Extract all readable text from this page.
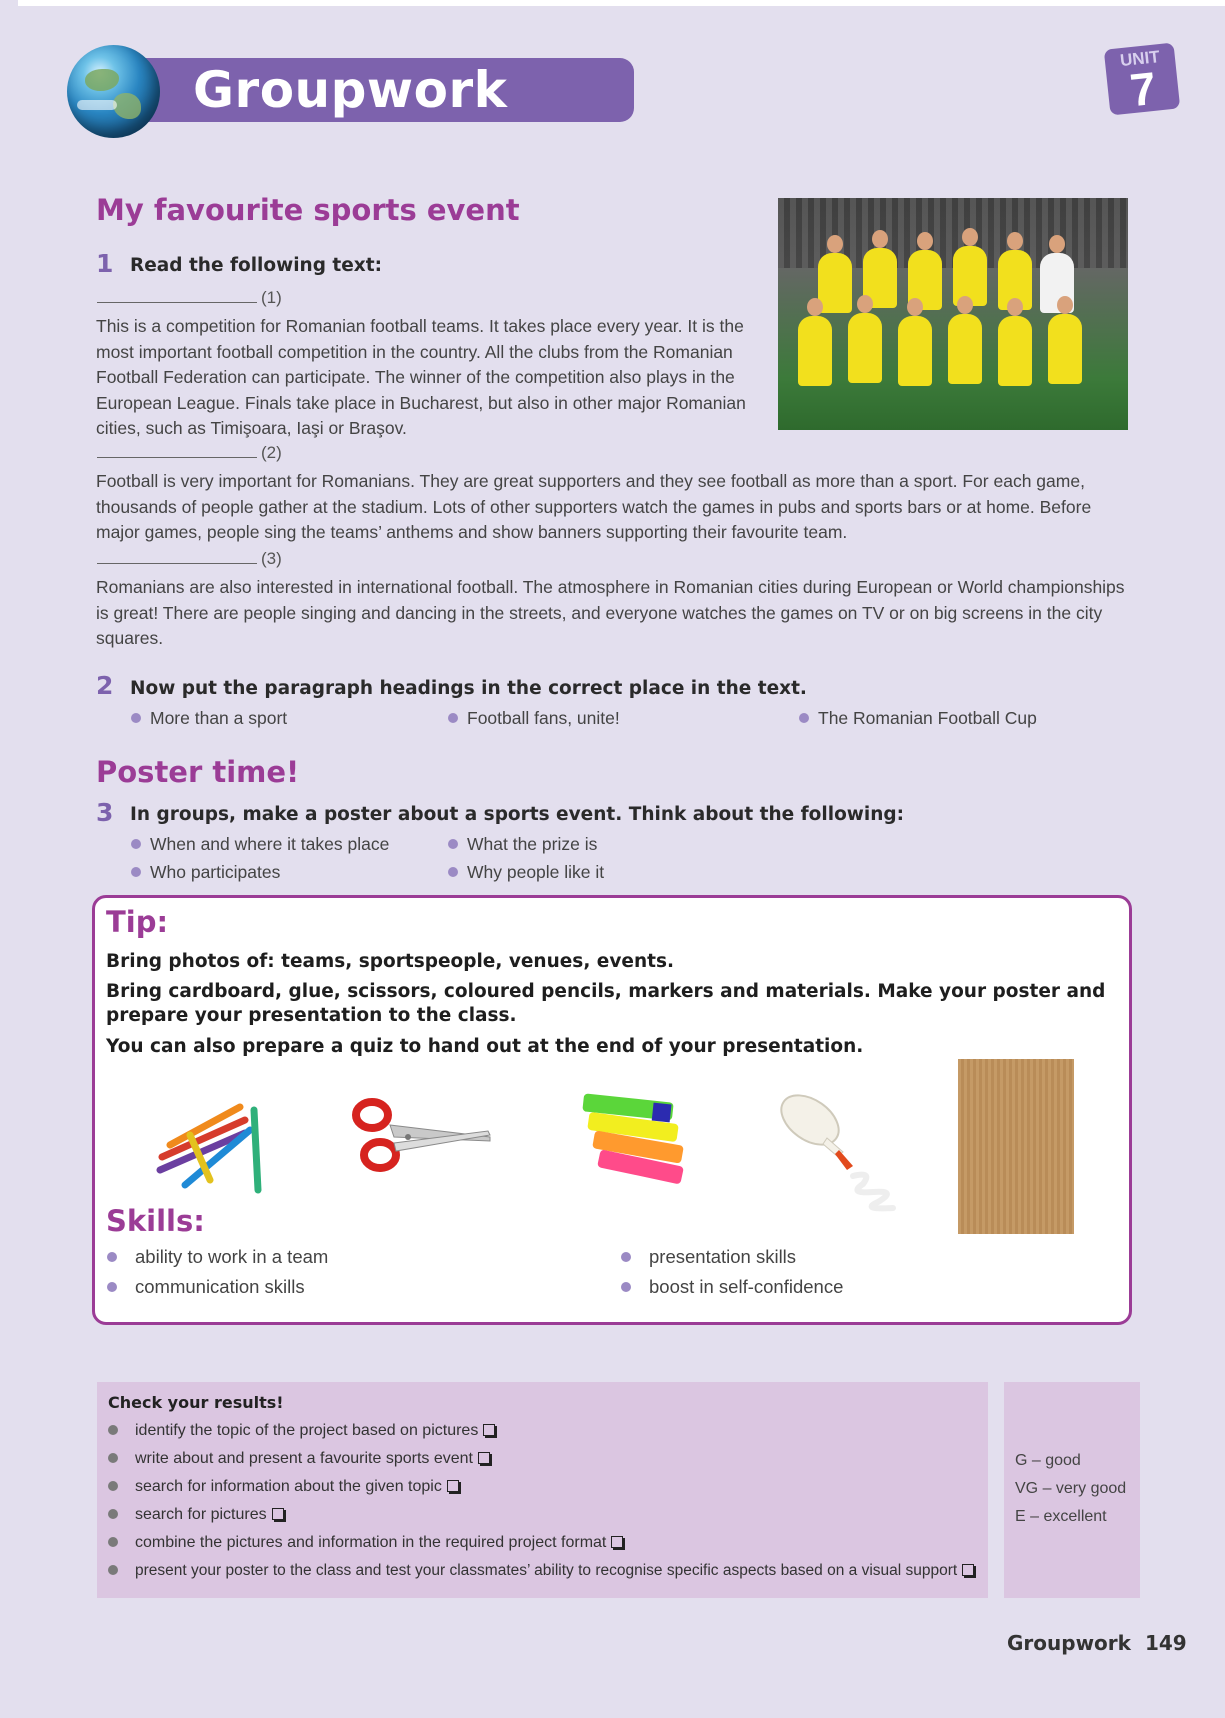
Groupwork
UNIT
7
My favourite sports event
1 Read the following text:
(1)

This is a competition for Romanian football teams. It takes place every year. It is the most important football competition in the country. All the clubs from the Romanian Football Federation can participate. The winner of the competition also plays in the European League. Finals take place in Bucharest, but also in other major Romanian cities, such as Timişoara, Iaşi or Braşov.

(2)

Football is very important for Romanians. They are great supporters and they see football as more than a sport. For each game, thousands of people gather at the stadium. Lots of other supporters watch the games in pubs and sports bars or at home. Before major games, people sing the teams’ anthems and show banners supporting their favourite team.

(3)

Romanians are also interested in international football. The atmosphere in Romanian cities during European or World championships is great! There are people singing and dancing in the streets, and everyone watches the games on TV or on big screens in the city squares.

2 Now put the paragraph headings in the correct place in the text.
More than a sport	Football fans, unite!	The Romanian Football Cup
Poster time!
3 In groups, make a poster about a sports event. Think about the following:
When and where it takes place	What the prize is
Who participates	Why people like it
Tip:
Bring photos of: teams, sportspeople, venues, events.
Bring cardboard, glue, scissors, coloured pencils, markers and materials. Make your poster and prepare your presentation to the class.
You can also prepare a quiz to hand out at the end of your presentation.
Skills:
ability to work in a team
communication skills
presentation skills
boost in self-confidence
Check your results!
identify the topic of the project based on pictures
write about and present a favourite sports event
search for information about the given topic
search for pictures
combine the pictures and information in the required project format
present your poster to the class and test your classmates’ ability to recognise specific aspects based on a visual support
G – good
VG – very good
E – excellent
Groupwork 149
